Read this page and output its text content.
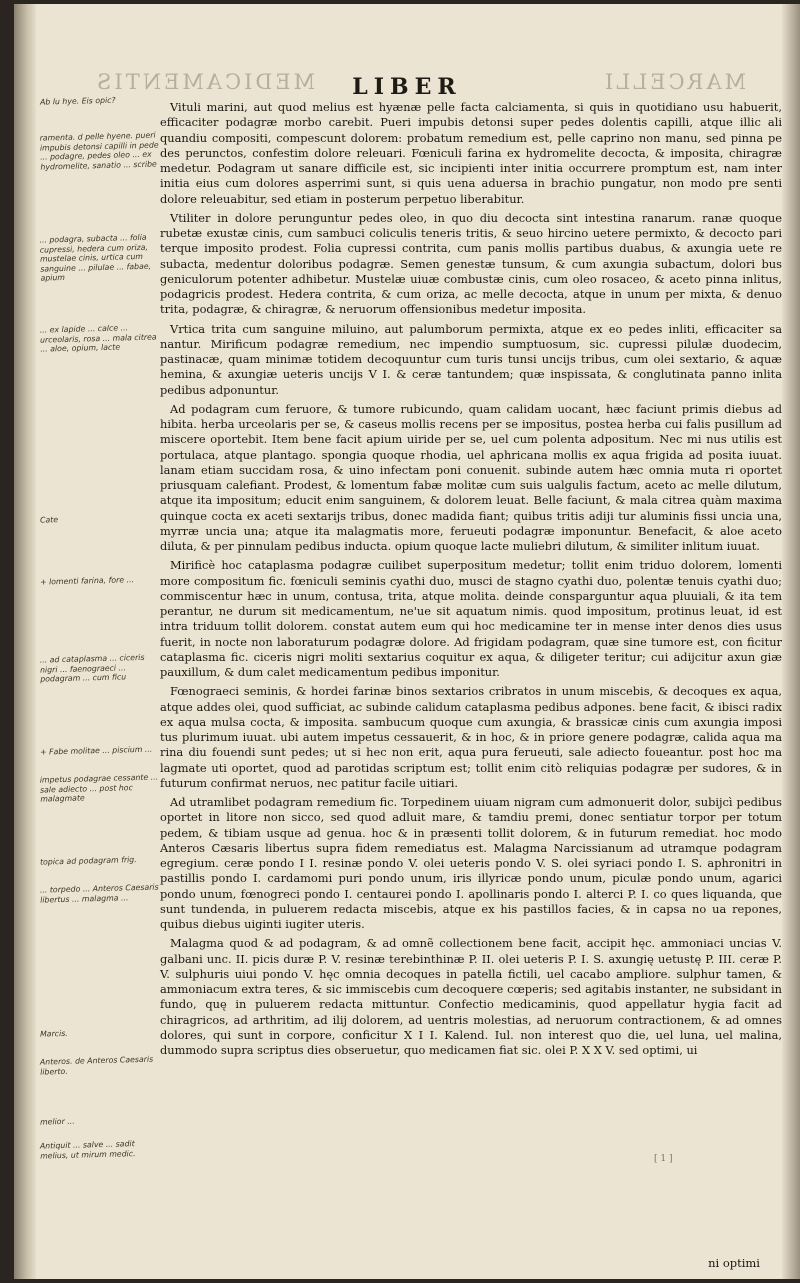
MEDICAMENTIS	MARCELLI
LIBER
Ab lu hye. Eis opic?
ramenta. d pelle hyene. pueri impubis detonsi capilli in pede ... podagre, pedes oleo ... ex hydromelite, sanatio ... scribe
... podagra, subacta ... folia cupressi, hedera cum oriza, mustelae cinis, urtica cum sanguine ... pilulae ... fabae, apium
... ex lapide ... calce ... urceolaris, rosa ... mala citrea ... aloe, opium, lacte
Cate
+ lomenti farina, fore ...
... ad cataplasma ... ciceris nigri ... faenograeci ... podagram ... cum ficu
+ Fabe molitae ... piscium ...
impetus podagrae cessante ... sale adiecto ... post hoc malagmate
topica ad podagram frig.
... torpedo ... Anteros Caesaris libertus ... malagma ...
Marcis.
Anteros. de Anteros Caesaris liberto.
melior ...
Antiquit ... salve ... sadit melius, ut mirum medic.

Vituli marini, aut quod melius est hyænæ pelle facta calciamenta, si quis in quotidiano usu habuerit, efficaciter podagræ morbo carebit. Pueri impubis detonsi super pedes dolentis capilli, atque illic ali quandiu compositi, compescunt dolorem: probatum remedium est, pelle caprino non manu, sed pinna pe des perunctos, confestim dolore releuari. Fœniculi farina ex hydromelite decocta, & imposita, chiragræ medetur. Podagram ut sanare difficile est, sic incipienti inter initia occurrere promptum est, nam inter initia eius cum dolores asperrimi sunt, si quis uena aduersa in brachio pungatur, non modo pre senti dolore releuabitur, sed etiam in posterum perpetuo liberabitur.

Vtiliter in dolore perunguntur pedes oleo, in quo diu decocta sint intestina ranarum. ranæ quoque rubetæ exustæ cinis, cum sambuci coliculis teneris tritis, & seuo hircino uetere permixto, & decocto pari terque imposito prodest. Folia cupressi contrita, cum panis mollis partibus duabus, & axungia uete re subacta, medentur doloribus podagræ. Semen genestæ tunsum, & cum axungia subactum, dolori bus geniculorum potenter adhibetur. Mustelæ uiuæ combustæ cinis, cum oleo rosaceo, & aceto pinna inlitus, podagricis prodest. Hedera contrita, & cum oriza, ac melle decocta, atque in unum per mixta, & denuo trita, podagræ, & chiragræ, & neruorum offensionibus medetur imposita.

Vrtica trita cum sanguine miluino, aut palumborum permixta, atque ex eo pedes inliti, efficaciter sa nantur. Mirificum podagræ remedium, nec impendio sumptuosum, sic. cupressi pilulæ duodecim, pastinacæ, quam minimæ totidem decoquuntur cum turis tunsi uncijs tribus, cum olei sextario, & aquæ hemina, & axungiæ ueteris uncijs V I. & ceræ tantundem; quæ inspissata, & conglutinata panno inlita pedibus adponuntur.

Ad podagram cum feruore, & tumore rubicundo, quam calidam uocant, hæc faciunt primis diebus ad hibita. herba urceolaris per se, & caseus mollis recens per se impositus, postea herba cui falis pusillum ad miscere oportebit. Item bene facit apium uiride per se, uel cum polenta adpositum. Nec mi nus utilis est portulaca, atque plantago. spongia quoque rhodia, uel aphricana mollis ex aqua frigida ad posita iuuat. lanam etiam succidam rosa, & uino infectam poni conuenit. subinde autem hæc omnia muta ri oportet priusquam calefiant. Prodest, & lomentum fabæ molitæ cum suis ualgulis factum, aceto ac melle dilutum, atque ita impositum; educit enim sanguinem, & dolorem leuat. Belle faciunt, & mala citrea quàm maxima quinque cocta ex aceti sextarijs tribus, donec madida fiant; quibus tritis adiji tur aluminis fissi uncia una, myrræ uncia una; atque ita malagmatis more, ferueuti podagræ imponuntur. Benefacit, & aloe aceto diluta, & per pinnulam pedibus inducta. opium quoque lacte muliebri dilutum, & similiter inlitum iuuat.

Mirificè hoc cataplasma podagræ cuilibet superpositum medetur; tollit enim triduo dolorem, lomenti more compositum fic. fœniculi seminis cyathi duo, musci de stagno cyathi duo, polentæ tenuis cyathi duo; commiscentur hæc in unum, contusa, trita, atque molita. deinde consparguntur aqua pluuiali, & ita tem perantur, ne durum sit medicamentum, ne'ue sit aquatum nimis. quod impositum, protinus leuat, id est intra triduum tollit dolorem. constat autem eum qui hoc medicamine ter in mense inter denos dies usus fuerit, in nocte non laboraturum podagræ dolore. Ad frigidam podagram, quæ sine tumore est, con ficitur cataplasma fic. ciceris nigri moliti sextarius coquitur ex aqua, & diligeter teritur; cui adijcitur axun giæ pauxillum, & dum calet medicamentum pedibus imponitur.

Fœnograeci seminis, & hordei farinæ binos sextarios cribratos in unum miscebis, & decoques ex aqua, atque addes olei, quod sufficiat, ac subinde calidum cataplasma pedibus adpones. bene facit, & ibisci radix ex aqua mulsa cocta, & imposita. sambucum quoque cum axungia, & brassicæ cinis cum axungia imposi tus plurimum iuuat. ubi autem impetus cessauerit, & in hoc, & in priore genere podagræ, calida aqua ma rina diu fouendi sunt pedes; ut si hec non erit, aqua pura ferueuti, sale adiecto foueantur. post hoc ma lagmate uti oportet, quod ad parotidas scriptum est; tollit enim citò reliquias podagræ per sudores, & in futurum confirmat neruos, nec patitur facile uitiari.

Ad utramlibet podagram remedium fic. Torpedinem uiuam nigram cum admonuerit dolor, subijcì pedibus oportet in litore non sicco, sed quod adluit mare, & tamdiu premi, donec sentiatur torpor per totum pedem, & tibiam usque ad genua. hoc & in præsenti tollit dolorem, & in futurum remediat. hoc modo Anteros Cæsaris libertus supra fidem remediatus est. Malagma Narcissianum ad utramque podagram egregium. ceræ pondo I I. resinæ pondo V. olei ueteris pondo V. S. olei syriaci pondo I. S. aphronitri in pastillis pondo I. cardamomi puri pondo unum, iris illyricæ pondo unum, piculæ pondo unum, agarici pondo unum, fœnogreci pondo I. centaurei pondo I. apollinaris pondo I. alterci P. I. co ques liquanda, que sunt tundenda, in puluerem redacta miscebis, atque ex his pastillos facies, & in capsa no ua repones, quibus diebus uiginti iugiter uteris.

Malagma quod & ad podagram, & ad omnẽ collectionem bene facit, accipit hęc. ammoniaci uncias V. galbani unc. II. picis duræ P. V. resinæ terebinthinæ P. II. olei ueteris P. I. S. axungię uetustę P. III. ceræ P. V. sulphuris uiui pondo V. hęc omnia decoques in patella fictili, uel cacabo ampliore. sulphur tamen, & ammoniacum extra teres, & sic immiscebis cum decoquere cœperis; sed agitabis instanter, ne subsidant in fundo, quę in puluerem redacta mittuntur. Confectio medicaminis, quod appellatur hygia facit ad chiragricos, ad arthritim, ad ilij dolorem, ad uentris molestias, ad neruorum contractionem, & ad omnes dolores, qui sunt in corpore, conficitur X I I. Kalend. Iul. non interest quo die, uel luna, uel malina, dummodo supra scriptus dies obseruetur, quo medicamen fiat sic. olei P. X X V. sed optimi, ui

[ 1 ]
ni optimi
